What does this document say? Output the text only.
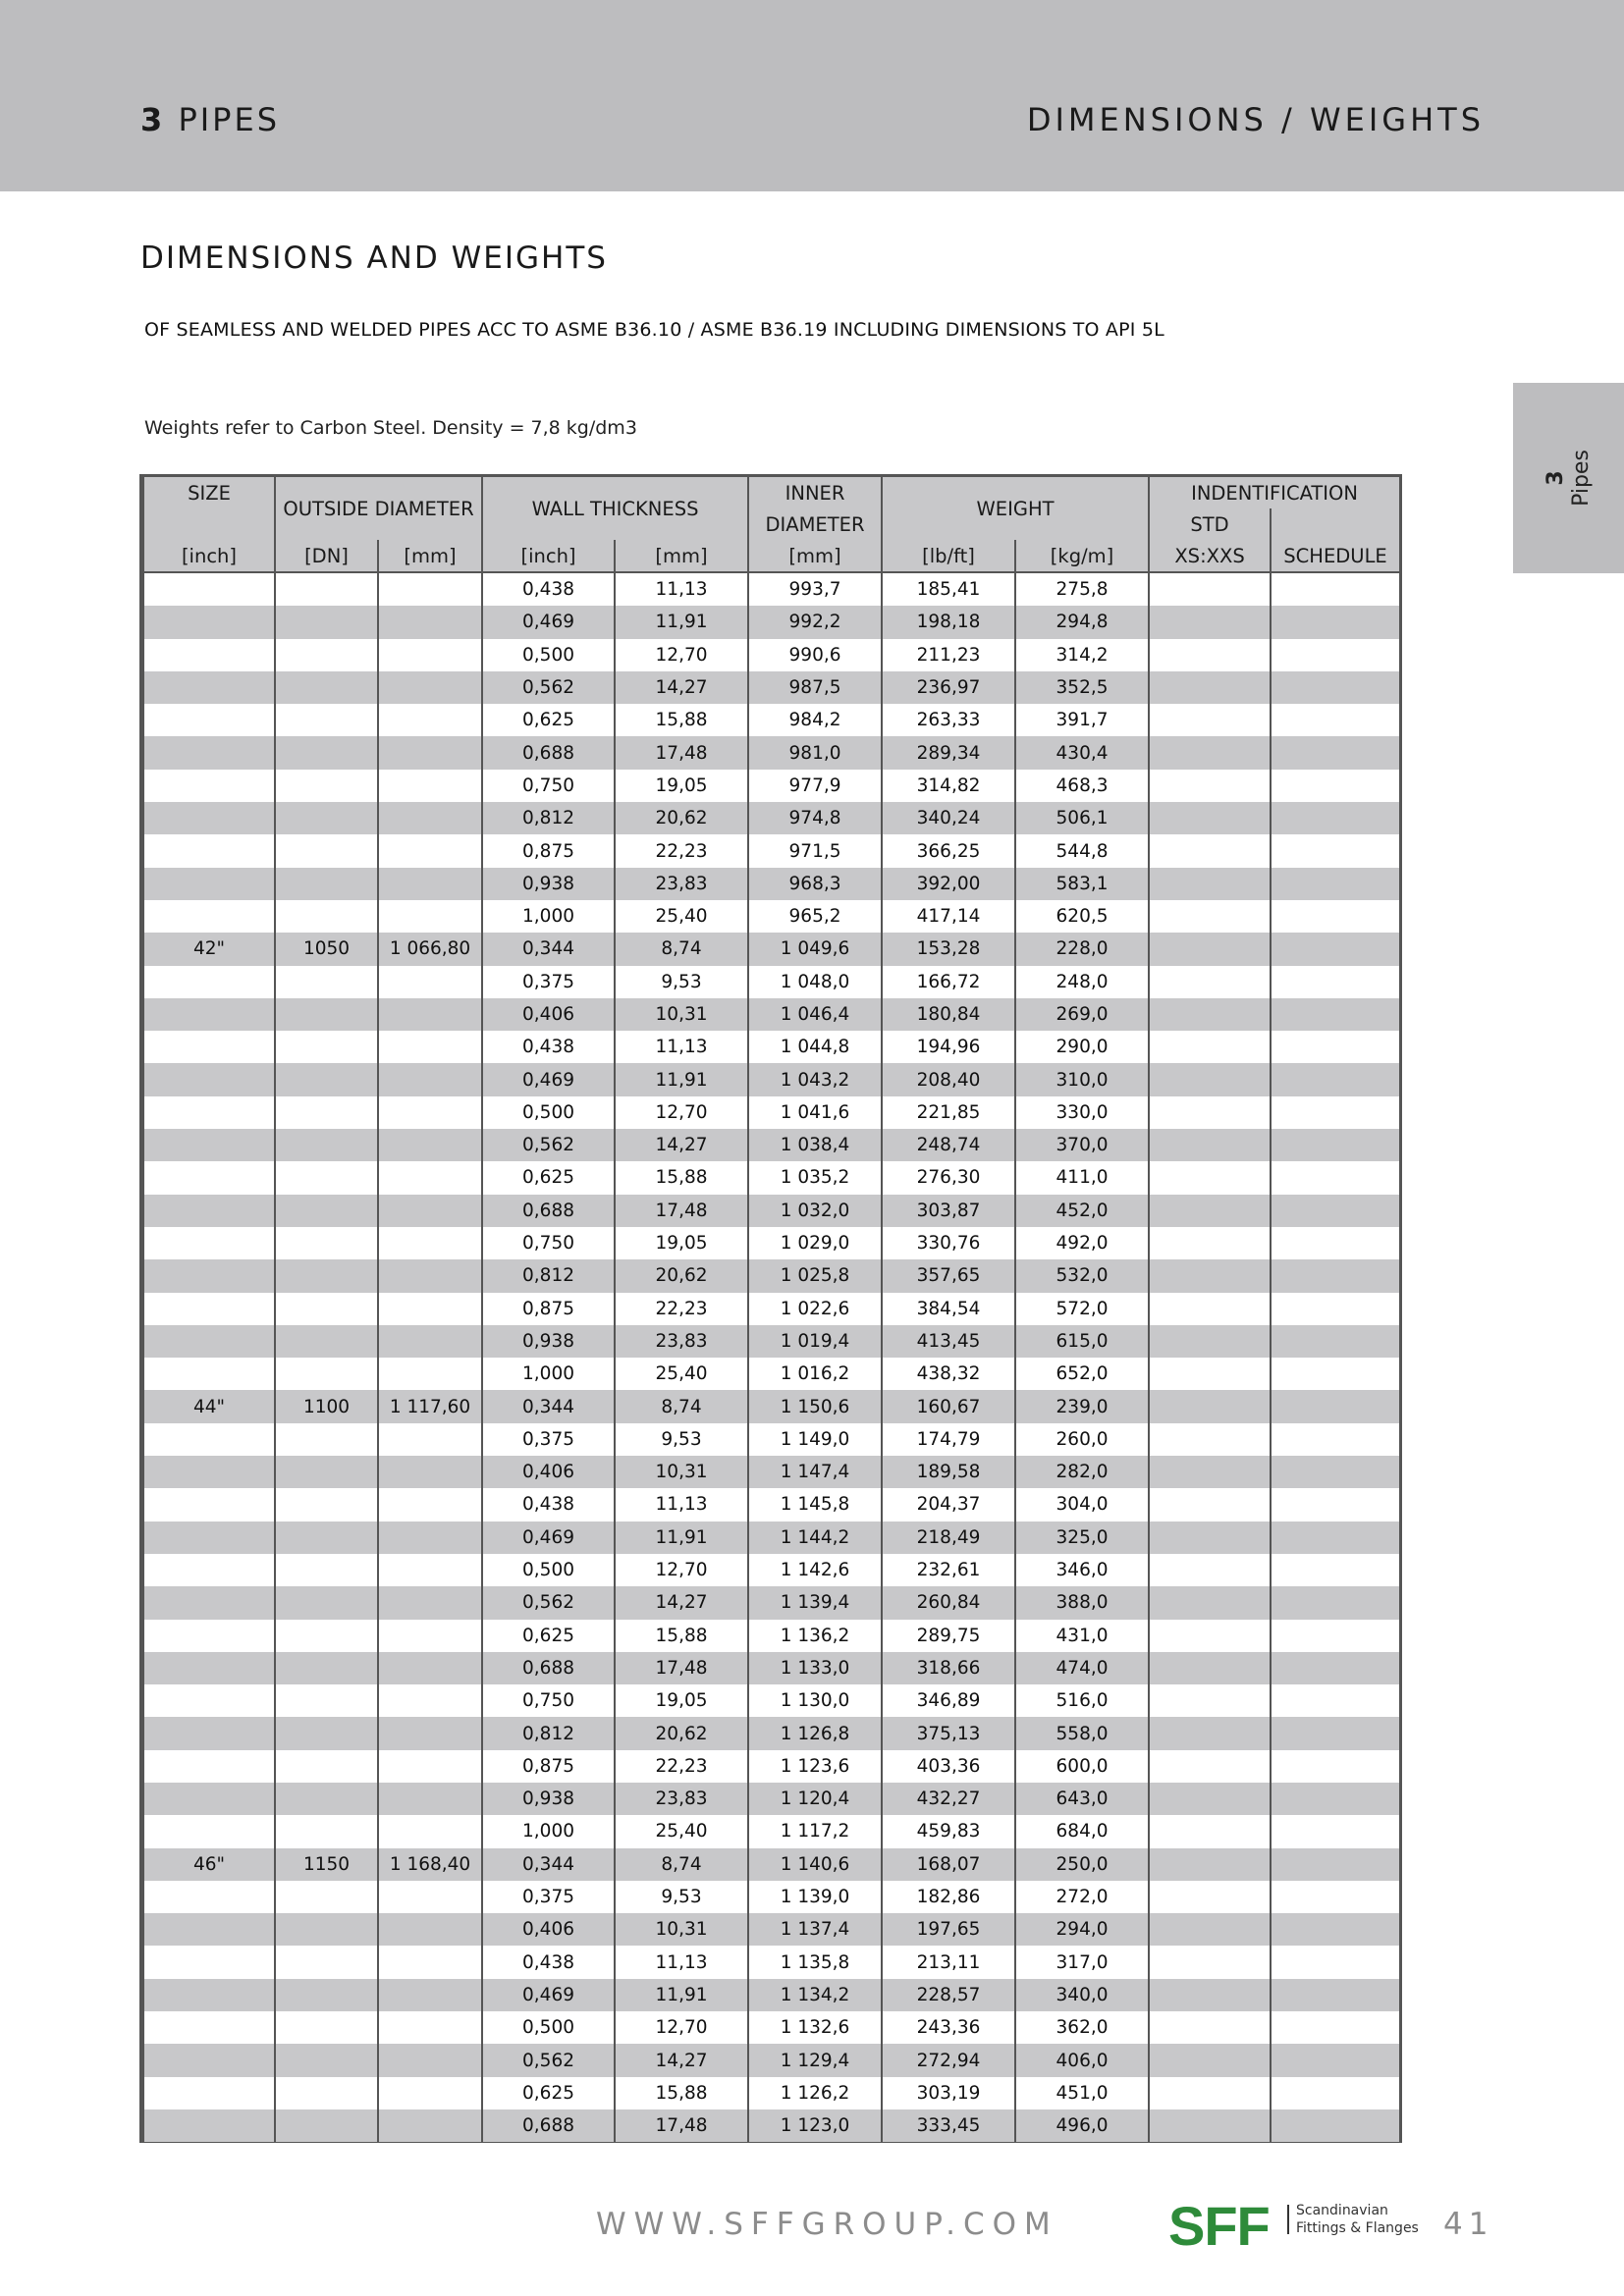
3 PIPES	DIMENSIONS / WEIGHTS
3 Pipes
DIMENSIONS AND WEIGHTS
OF SEAMLESS AND WELDED PIPES ACC TO ASME B36.10 / ASME B36.19 INCLUDING DIMENSIONS TO API 5L
Weights refer to Carbon Steel. Density = 7,8 kg/dm3
SIZE	OUTSIDE DIAMETER		WALL THICKNESS		INNER	WEIGHT		INDENTIFICATION	
					DIAMETER			STD	
[inch]	[DN]	[mm]	[inch]	[mm]	[mm]	[lb/ft]	[kg/m]	XS:XXS	SCHEDULE
			0,438	11,13	993,7	185,41	275,8		
			0,469	11,91	992,2	198,18	294,8		
			0,500	12,70	990,6	211,23	314,2		
			0,562	14,27	987,5	236,97	352,5		
			0,625	15,88	984,2	263,33	391,7		
			0,688	17,48	981,0	289,34	430,4		
			0,750	19,05	977,9	314,82	468,3		
			0,812	20,62	974,8	340,24	506,1		
			0,875	22,23	971,5	366,25	544,8		
			0,938	23,83	968,3	392,00	583,1		
			1,000	25,40	965,2	417,14	620,5		
42"	1050	1 066,80	0,344	8,74	1 049,6	153,28	228,0		
			0,375	9,53	1 048,0	166,72	248,0		
			0,406	10,31	1 046,4	180,84	269,0		
			0,438	11,13	1 044,8	194,96	290,0		
			0,469	11,91	1 043,2	208,40	310,0		
			0,500	12,70	1 041,6	221,85	330,0		
			0,562	14,27	1 038,4	248,74	370,0		
			0,625	15,88	1 035,2	276,30	411,0		
			0,688	17,48	1 032,0	303,87	452,0		
			0,750	19,05	1 029,0	330,76	492,0		
			0,812	20,62	1 025,8	357,65	532,0		
			0,875	22,23	1 022,6	384,54	572,0		
			0,938	23,83	1 019,4	413,45	615,0		
			1,000	25,40	1 016,2	438,32	652,0		
44"	1100	1 117,60	0,344	8,74	1 150,6	160,67	239,0		
			0,375	9,53	1 149,0	174,79	260,0		
			0,406	10,31	1 147,4	189,58	282,0		
			0,438	11,13	1 145,8	204,37	304,0		
			0,469	11,91	1 144,2	218,49	325,0		
			0,500	12,70	1 142,6	232,61	346,0		
			0,562	14,27	1 139,4	260,84	388,0		
			0,625	15,88	1 136,2	289,75	431,0		
			0,688	17,48	1 133,0	318,66	474,0		
			0,750	19,05	1 130,0	346,89	516,0		
			0,812	20,62	1 126,8	375,13	558,0		
			0,875	22,23	1 123,6	403,36	600,0		
			0,938	23,83	1 120,4	432,27	643,0		
			1,000	25,40	1 117,2	459,83	684,0		
46"	1150	1 168,40	0,344	8,74	1 140,6	168,07	250,0		
			0,375	9,53	1 139,0	182,86	272,0		
			0,406	10,31	1 137,4	197,65	294,0		
			0,438	11,13	1 135,8	213,11	317,0		
			0,469	11,91	1 134,2	228,57	340,0		
			0,500	12,70	1 132,6	243,36	362,0		
			0,562	14,27	1 129,4	272,94	406,0		
			0,625	15,88	1 126,2	303,19	451,0		
			0,688	17,48	1 123,0	333,45	496,0		
WWW.SFFGROUP.COM SFF Scandinavian
Fittings & Flanges 41
